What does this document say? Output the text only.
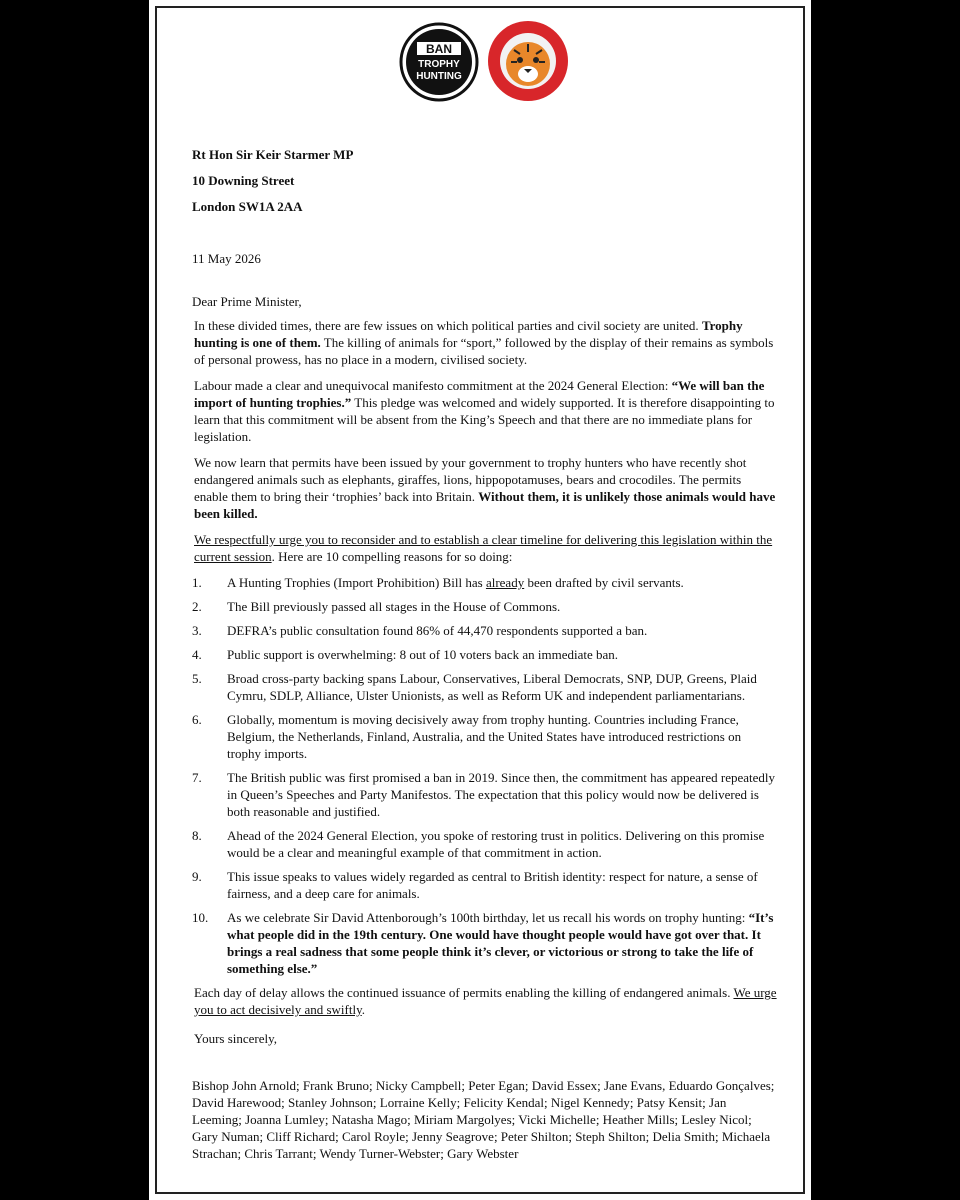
BAN
TROPHY
HUNTING

Rt Hon Sir Keir Starmer MP

10 Downing Street

London SW1A 2AA

11 May 2026

Dear Prime Minister,

In these divided times, there are few issues on which political parties and civil society are united. Trophy hunting is one of them. The killing of animals for “sport,” followed by the display of their remains as symbols of personal prowess, has no place in a modern, civilised society.

Labour made a clear and unequivocal manifesto commitment at the 2024 General Election: “We will ban the import of hunting trophies.” This pledge was welcomed and widely supported. It is therefore disappointing to learn that this commitment will be absent from the King’s Speech and that there are no immediate plans for legislation.

We now learn that permits have been issued by your government to trophy hunters who have recently shot endangered animals such as elephants, giraffes, lions, hippopotamuses, bears and crocodiles. The permits enable them to bring their ‘trophies’ back into Britain. Without them, it is unlikely those animals would have been killed.

We respectfully urge you to reconsider and to establish a clear timeline for delivering this legislation within the current session. Here are 10 compelling reasons for so doing:

1. A Hunting Trophies (Import Prohibition) Bill has already been drafted by civil servants.
2. The Bill previously passed all stages in the House of Commons.
3. DEFRA’s public consultation found 86% of 44,470 respondents supported a ban.
4. Public support is overwhelming: 8 out of 10 voters back an immediate ban.
5. Broad cross-party backing spans Labour, Conservatives, Liberal Democrats, SNP, DUP, Greens, Plaid Cymru, SDLP, Alliance, Ulster Unionists, as well as Reform UK and independent parliamentarians.
6. Globally, momentum is moving decisively away from trophy hunting. Countries including France, Belgium, the Netherlands, Finland, Australia, and the United States have introduced restrictions on trophy imports.
7. The British public was first promised a ban in 2019. Since then, the commitment has appeared repeatedly in Queen’s Speeches and Party Manifestos. The expectation that this policy would now be delivered is both reasonable and justified.
8. Ahead of the 2024 General Election, you spoke of restoring trust in politics. Delivering on this promise would be a clear and meaningful example of that commitment in action.
9. This issue speaks to values widely regarded as central to British identity: respect for nature, a sense of fairness, and a deep care for animals.
10. As we celebrate Sir David Attenborough’s 100th birthday, let us recall his words on trophy hunting: “It’s what people did in the 19th century. One would have thought people would have got over that. It brings a real sadness that some people think it’s clever, or victorious or strong to take the life of something else.”

Each day of delay allows the continued issuance of permits enabling the killing of endangered animals. We urge you to act decisively and swiftly.

Yours sincerely,

Bishop John Arnold; Frank Bruno; Nicky Campbell; Peter Egan; David Essex; Jane Evans, Eduardo Gonçalves; David Harewood; Stanley Johnson; Lorraine Kelly; Felicity Kendal; Nigel Kennedy; Patsy Kensit; Jan Leeming; Joanna Lumley; Natasha Mago; Miriam Margolyes; Vicki Michelle; Heather Mills; Lesley Nicol; Gary Numan; Cliff Richard; Carol Royle; Jenny Seagrove; Peter Shilton; Steph Shilton; Delia Smith; Michaela Strachan; Chris Tarrant; Wendy Turner-Webster; Gary Webster
